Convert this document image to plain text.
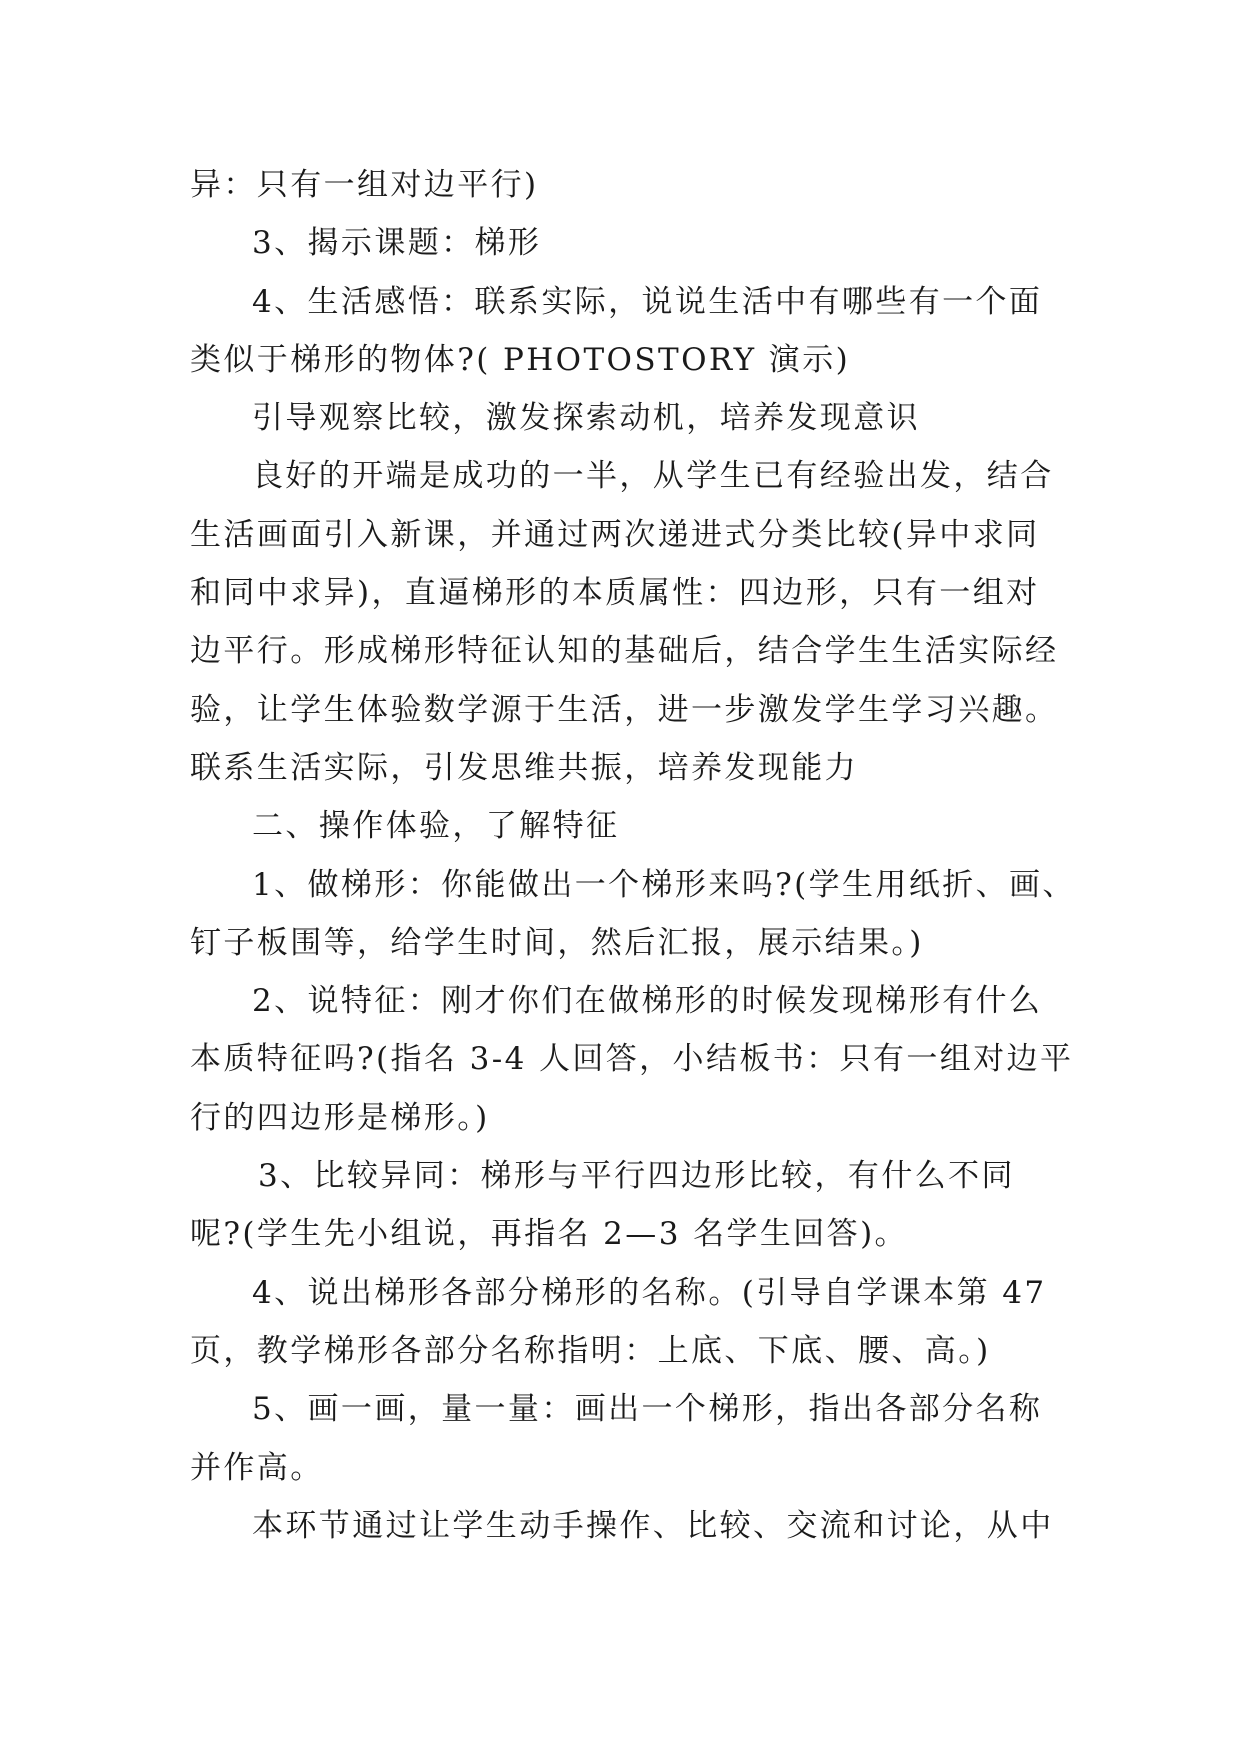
异：只有一组对边平行)
3、揭示课题：梯形
4、生活感悟：联系实际，说说生活中有哪些有一个面
类似于梯形的物体?( PHOTOSTORY 演示)
引导观察比较，激发探索动机，培养发现意识
良好的开端是成功的一半，从学生已有经验出发，结合
生活画面引入新课，并通过两次递进式分类比较(异中求同
和同中求异)，直逼梯形的本质属性：四边形，只有一组对
边平行。形成梯形特征认知的基础后，结合学生生活实际经
验，让学生体验数学源于生活，进一步激发学生学习兴趣。
联系生活实际，引发思维共振，培养发现能力
二、操作体验，了解特征
1、做梯形：你能做出一个梯形来吗?(学生用纸折、画、
钉子板围等，给学生时间，然后汇报，展示结果。)
2、说特征：刚才你们在做梯形的时候发现梯形有什么
本质特征吗?(指名 3-4 人回答，小结板书：只有一组对边平
行的四边形是梯形。)
3、比较异同：梯形与平行四边形比较，有什么不同
呢?(学生先小组说，再指名 2—3 名学生回答)。
4、说出梯形各部分梯形的名称。(引导自学课本第 47
页，教学梯形各部分名称指明：上底、下底、腰、高。)
5、画一画，量一量：画出一个梯形，指出各部分名称
并作高。
本环节通过让学生动手操作、比较、交流和讨论，从中
